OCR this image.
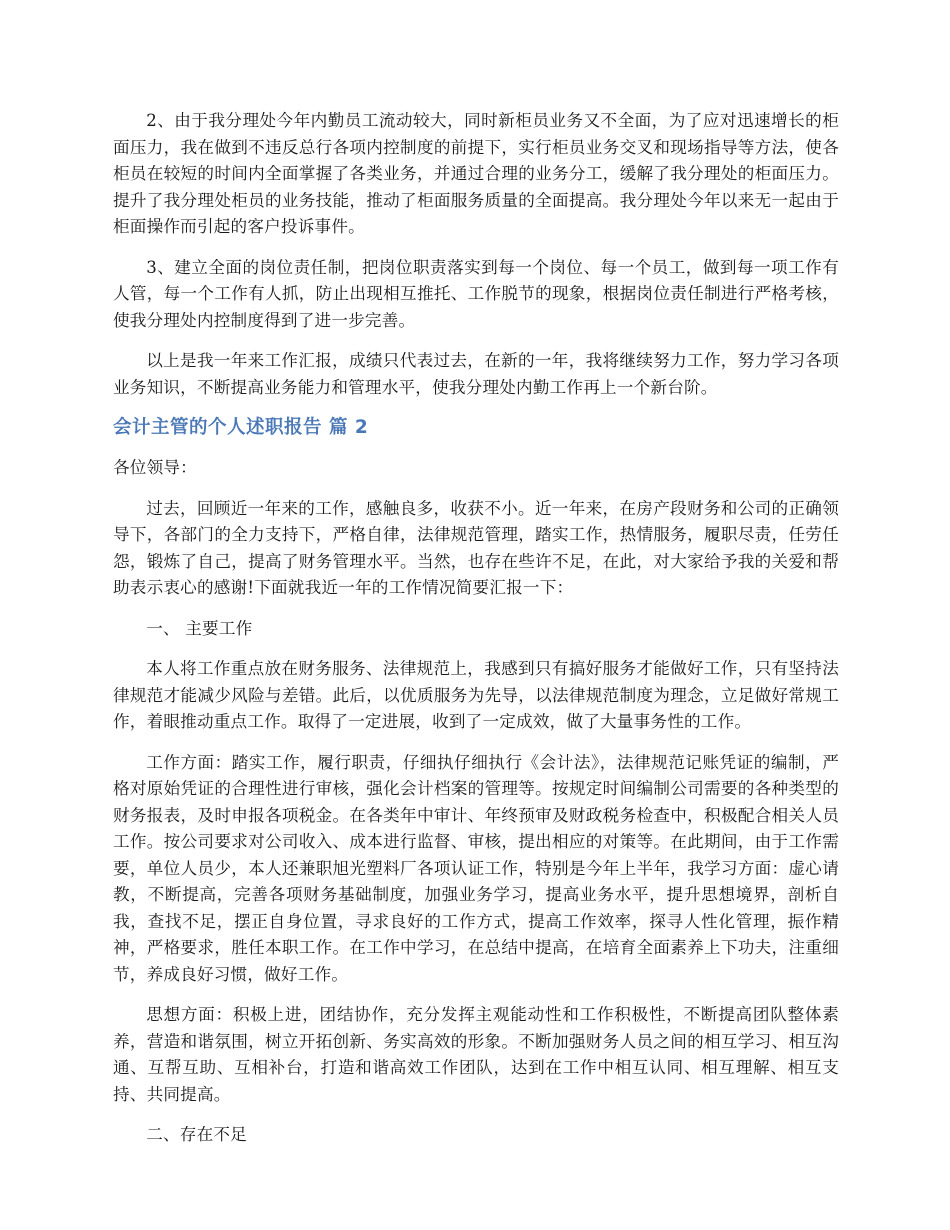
2、由于我分理处今年内勤员工流动较大，同时新柜员业务又不全面，为了应对迅速增长的柜面压力，我在做到不违反总行各项内控制度的前提下，实行柜员业务交叉和现场指导等方法，使各柜员在较短的时间内全面掌握了各类业务，并通过合理的业务分工，缓解了我分理处的柜面压力。提升了我分理处柜员的业务技能，推动了柜面服务质量的全面提高。我分理处今年以来无一起由于柜面操作而引起的客户投诉事件。

3、建立全面的岗位责任制，把岗位职责落实到每一个岗位、每一个员工，做到每一项工作有人管，每一个工作有人抓，防止出现相互推托、工作脱节的现象，根据岗位责任制进行严格考核，使我分理处内控制度得到了进一步完善。

以上是我一年来工作汇报，成绩只代表过去，在新的一年，我将继续努力工作，努力学习各项业务知识，不断提高业务能力和管理水平，使我分理处内勤工作再上一个新台阶。

会计主管的个人述职报告 篇 2

各位领导：

过去，回顾近一年来的工作，感触良多，收获不小。近一年来，在房产段财务和公司的正确领导下，各部门的全力支持下，严格自律，法律规范管理，踏实工作，热情服务，履职尽责，任劳任怨，锻炼了自己，提高了财务管理水平。当然，也存在些许不足，在此，对大家给予我的关爱和帮助表示衷心的感谢!下面就我近一年的工作情况简要汇报一下：

一、 主要工作

本人将工作重点放在财务服务、法律规范上，我感到只有搞好服务才能做好工作，只有坚持法律规范才能减少风险与差错。此后，以优质服务为先导，以法律规范制度为理念，立足做好常规工作，着眼推动重点工作。取得了一定进展，收到了一定成效，做了大量事务性的工作。

工作方面：踏实工作，履行职责，仔细执仔细执行《会计法》，法律规范记账凭证的编制，严格对原始凭证的合理性进行审核，强化会计档案的管理等。按规定时间编制公司需要的各种类型的财务报表，及时申报各项税金。在各类年中审计、年终预审及财政税务检查中，积极配合相关人员工作。按公司要求对公司收入、成本进行监督、审核，提出相应的对策等。在此期间，由于工作需要，单位人员少，本人还兼职旭光塑料厂各项认证工作，特别是今年上半年，我学习方面：虚心请教，不断提高，完善各项财务基础制度，加强业务学习，提高业务水平，提升思想境界，剖析自我，查找不足，摆正自身位置，寻求良好的工作方式，提高工作效率，探寻人性化管理，振作精神，严格要求，胜任本职工作。在工作中学习，在总结中提高，在培育全面素养上下功夫，注重细节，养成良好习惯，做好工作。

思想方面：积极上进，团结协作，充分发挥主观能动性和工作积极性，不断提高团队整体素养，营造和谐氛围，树立开拓创新、务实高效的形象。不断加强财务人员之间的相互学习、相互沟通、互帮互助、互相补台，打造和谐高效工作团队，达到在工作中相互认同、相互理解、相互支持、共同提高。

二、存在不足
